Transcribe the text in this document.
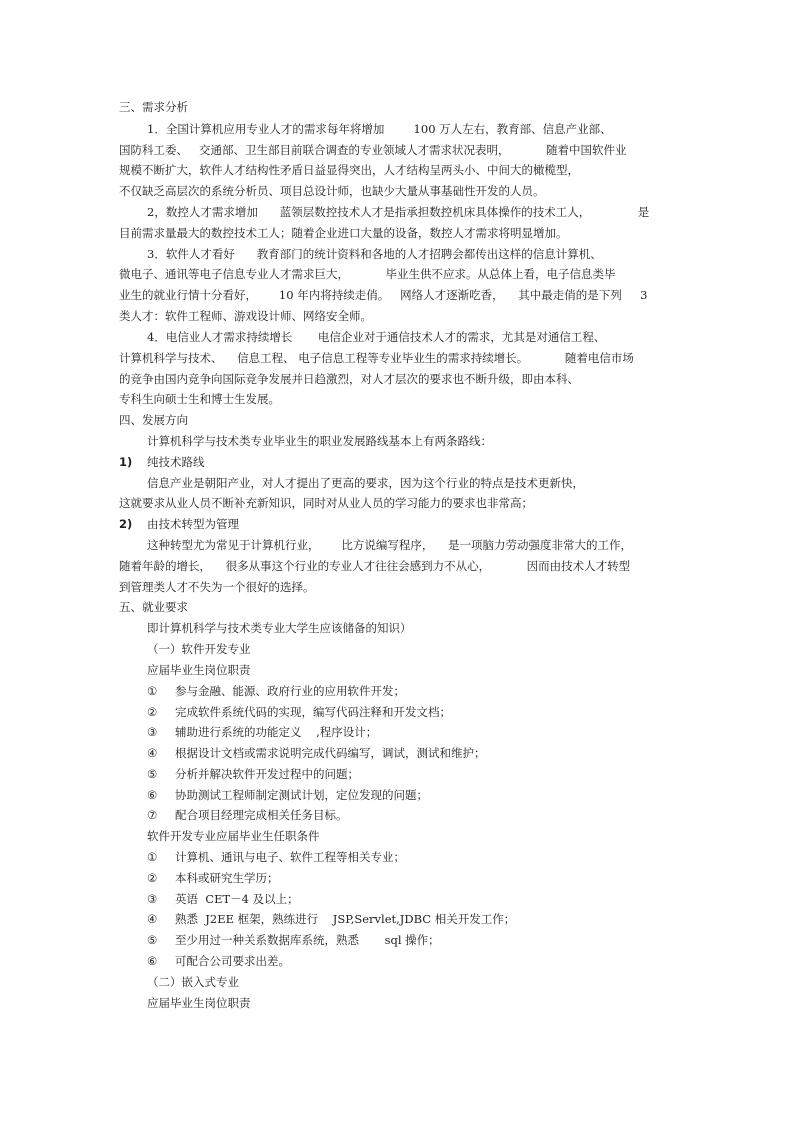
三、需求分析
1．全国计算机应用专业人才的需求每年将增加        100 万人左右，教育部、信息产业部、
国防科工委、   交通部、卫生部目前联合调查的专业领域人才需求状况表明，          随着中国软件业
规模不断扩大，软件人才结构性矛盾日益显得突出，人才结构呈两头小、中间大的橄榄型，
不仅缺乏高层次的系统分析员、项目总设计师，也缺少大量从事基础性开发的人员。
2，数控人才需求增加      蓝领层数控技术人才是指承担数控机床具体操作的技术工人，             是
目前需求量最大的数控技术工人；随着企业进口大量的设备，数控人才需求将明显增加。
3．软件人才看好      教育部门的统计资料和各地的人才招聘会都传出这样的信息计算机、
微电子、通讯等电子信息专业人才需求巨大，          毕业生供不应求。从总体上看，电子信息类毕
业生的就业行情十分看好，      10 年内将持续走俏。   网络人才逐渐吃香，    其中最走俏的是下列     3
类人才：软件工程师、游戏设计师、网络安全师。
4．电信业人才需求持续增长       电信企业对于通信技术人才的需求，尤其是对通信工程、
计算机科学与技术、    信息工程、 电子信息工程等专业毕业生的需求持续增长。          随着电信市场
的竞争由国内竞争向国际竞争发展并日趋激烈，对人才层次的要求也不断升级，即由本科、
专科生向硕士生和博士生发展。
四、发展方向
计算机科学与技术类专业毕业生的职业发展路线基本上有两条路线：
1) 纯技术路线
信息产业是朝阳产业，对人才提出了更高的要求，因为这个行业的特点是技术更新快，
这就要求从业人员不断补充新知识，同时对从业人员的学习能力的要求也非常高；
2) 由技术转型为管理
这种转型尤为常见于计算机行业，      比方说编写程序，    是一项脑力劳动强度非常大的工作，
随着年龄的增长，    很多从事这个行业的专业人才往往会感到力不从心，          因而由技术人才转型
到管理类人才不失为一个很好的选择。
五、就业要求
即计算机科学与技术类专业大学生应该储备的知识）
（一）软件开发专业
应届毕业生岗位职责
①	参与金融、能源、政府行业的应用软件开发；
②	完成软件系统代码的实现，编写代码注释和开发文档；
③	辅助进行系统的功能定义    ,程序设计；
④	根据设计文档或需求说明完成代码编写，调试，测试和维护；
⑤	分析并解决软件开发过程中的问题；
⑥	协助测试工程师制定测试计划，定位发现的问题；
⑦	配合项目经理完成相关任务目标。
软件开发专业应届毕业生任职条件
①	计算机、通讯与电子、软件工程等相关专业；
②	本科或研究生学历；
③	英语  CET－4 及以上；
④	熟悉  J2EE 框架，熟练进行    JSP,Servlet,JDBC 相关开发工作；
⑤	至少用过一种关系数据库系统，熟悉       sql 操作；
⑥	可配合公司要求出差。
（二）嵌入式专业
应届毕业生岗位职责
